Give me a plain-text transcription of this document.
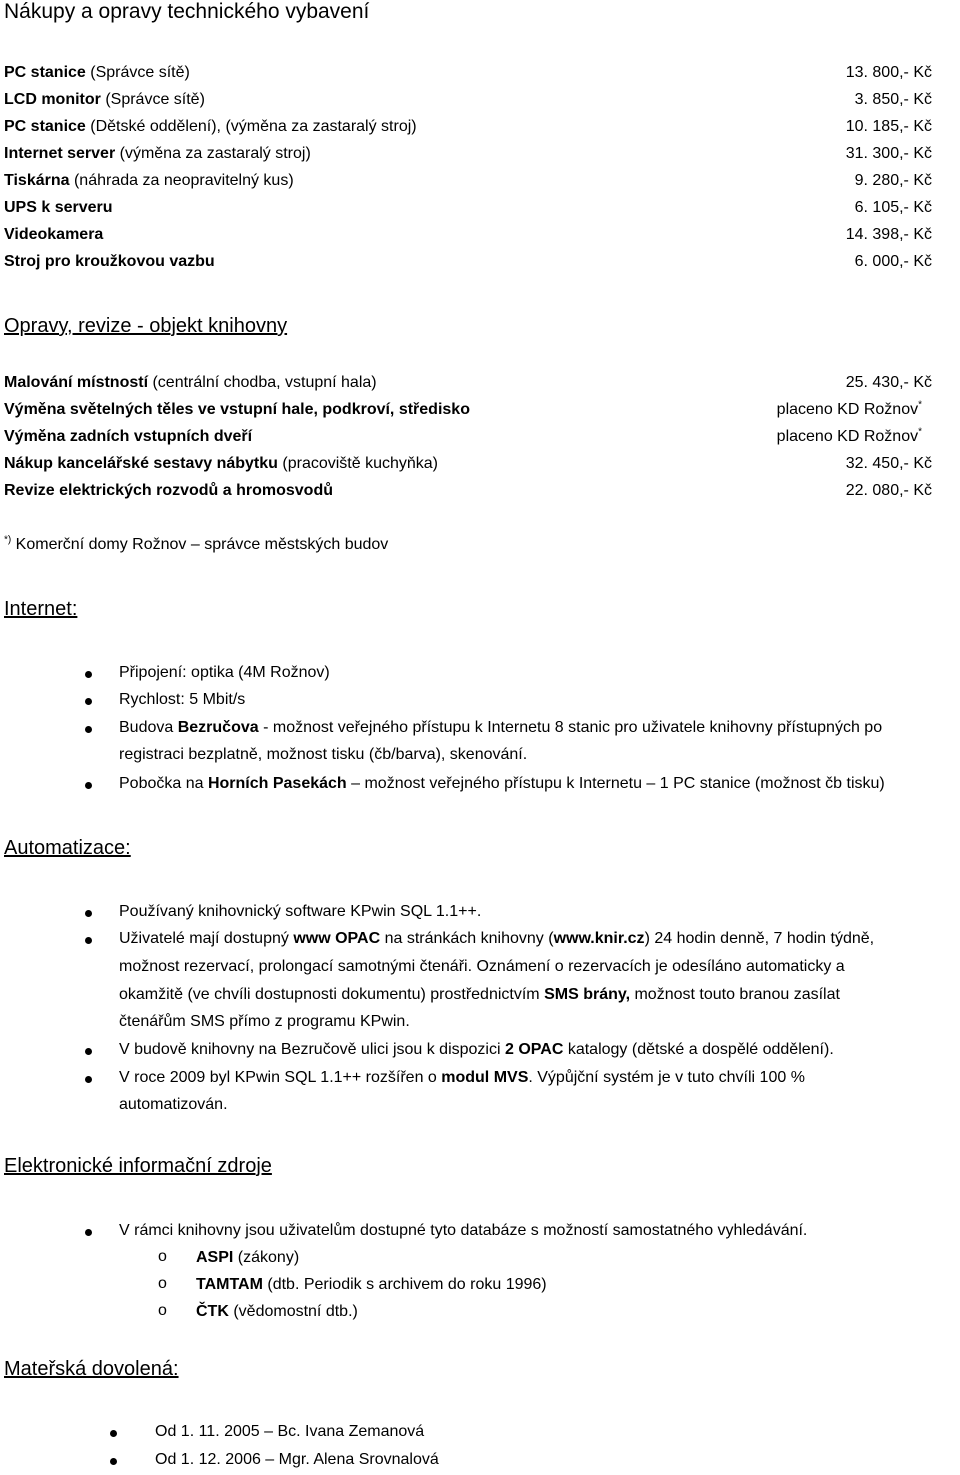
Nákupy a opravy technického vybavení
PC stanice (Správce sítě)	13. 800,- Kč
LCD monitor (Správce sítě)	3. 850,- Kč
PC stanice (Dětské oddělení), (výměna za zastaralý stroj)	10. 185,- Kč
Internet server (výměna za zastaralý stroj)	31. 300,- Kč
Tiskárna (náhrada za neopravitelný kus)	9. 280,- Kč
UPS k serveru	6. 105,- Kč
Videokamera	14. 398,- Kč
Stroj pro kroužkovou vazbu	6. 000,- Kč
Opravy, revize - objekt knihovny
Malování místností (centrální chodba, vstupní hala)	25. 430,- Kč
Výměna světelných těles ve vstupní hale, podkroví, středisko	placeno KD Rožnov*
Výměna zadních vstupních dveří	placeno KD Rožnov*
Nákup kancelářské sestavy nábytku (pracoviště kuchyňka)	32. 450,- Kč
Revize elektrických rozvodů a hromosvodů	22. 080,- Kč
*) Komerční domy Rožnov – správce městských budov
Internet:
Připojení: optika (4M Rožnov)
Rychlost: 5 Mbit/s
Budova Bezručova - možnost veřejného přístupu k Internetu 8 stanic pro uživatele knihovny přístupných po
registraci bezplatně, možnost tisku (čb/barva), skenování.
Pobočka na Horních Pasekách – možnost veřejného přístupu k Internetu – 1 PC stanice (možnost čb tisku)
Automatizace:
Používaný knihovnický software KPwin SQL 1.1++.
Uživatelé mají dostupný www OPAC na stránkách knihovny (www.knir.cz) 24 hodin denně, 7 hodin týdně,
možnost rezervací, prolongací samotnými čtenáři. Oznámení o rezervacích je odesíláno automaticky a
okamžitě (ve chvíli dostupnosti dokumentu) prostřednictvím SMS brány, možnost touto branou zasílat
čtenářům SMS přímo z programu KPwin.
V budově knihovny na Bezručově ulici jsou k dispozici 2 OPAC katalogy (dětské a dospělé oddělení).
V roce 2009 byl KPwin SQL 1.1++ rozšířen o modul MVS. Výpůjční systém je v tuto chvíli 100 %
automatizován.
Elektronické informační zdroje
V rámci knihovny jsou uživatelům dostupné tyto databáze s možností samostatného vyhledávání.
o ASPI (zákony)
o TAMTAM (dtb. Periodik s archivem do roku 1996)
o ČTK (vědomostní dtb.)
Mateřská dovolená:
Od 1. 11. 2005 – Bc. Ivana Zemanová
Od 1. 12. 2006 – Mgr. Alena Srovnalová
